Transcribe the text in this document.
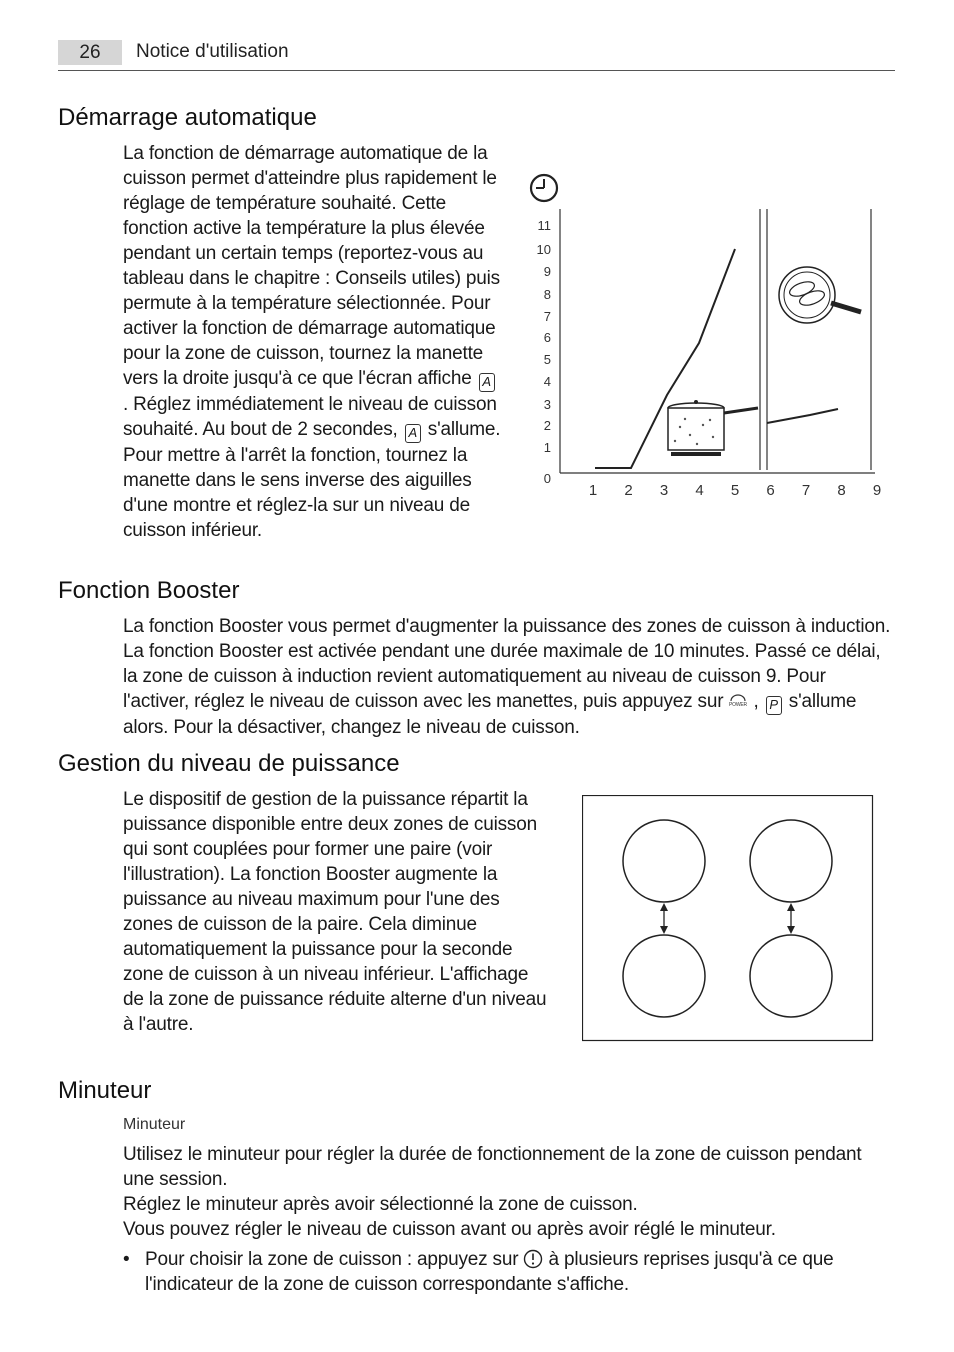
26	Notice d'utilisation
Démarrage automatique

La fonction de démarrage automatique de la cuisson permet d'atteindre plus rapidement le réglage de température souhaité. Cette fonction active la température la plus élevée pendant un certain temps (reportez-vous au tableau dans le chapitre : Conseils utiles) puis permute à la température sélectionnée. Pour activer la fonction de démarrage automatique pour la zone de cuisson, tournez la manette vers la droite jusqu'à ce que l'écran affiche A. Réglez immédiatement le niveau de cuisson souhaité. Au bout de 2 secondes, A s'allume.

Pour mettre à l'arrêt la fonction, tournez la manette dans le sens inverse des aiguilles d'une montre et réglez-la sur un niveau de cuisson inférieur.

0
1
2
3
4
5
6
7
8
9
10
11
1 2 3 4 5 6 7 8 9
Fonction Booster

La fonction Booster vous permet d'augmenter la puissance des zones de cuisson à induction. La fonction Booster est activée pendant une durée maximale de 10 minutes. Passé ce délai, la zone de cuisson à induction revient automatiquement au niveau de cuisson 9. Pour l'activer, réglez le niveau de cuisson avec les manettes, puis appuyez sur POWER , P s'allume alors. Pour la désactiver, changez le niveau de cuisson.

Gestion du niveau de puissance

Le dispositif de gestion de la puissance répartit la puissance disponible entre deux zones de cuisson qui sont couplées pour former une paire (voir l'illustration). La fonction Booster augmente la puissance au niveau maximum pour l'une des zones de cuisson de la paire. Cela diminue automatiquement la puissance pour la seconde zone de cuisson à un niveau inférieur. L'affichage de la zone de puissance réduite alterne d'un niveau à l'autre.

Minuteur
Minuteur

Utilisez le minuteur pour régler la durée de fonctionnement de la zone de cuisson pendant une session.

Réglez le minuteur après avoir sélectionné la zone de cuisson.

Vous pouvez régler le niveau de cuisson avant ou après avoir réglé le minuteur.

• Pour choisir la zone de cuisson : appuyez sur  à plusieurs reprises jusqu'à ce que l'indicateur de la zone de cuisson correspondante s'affiche.
